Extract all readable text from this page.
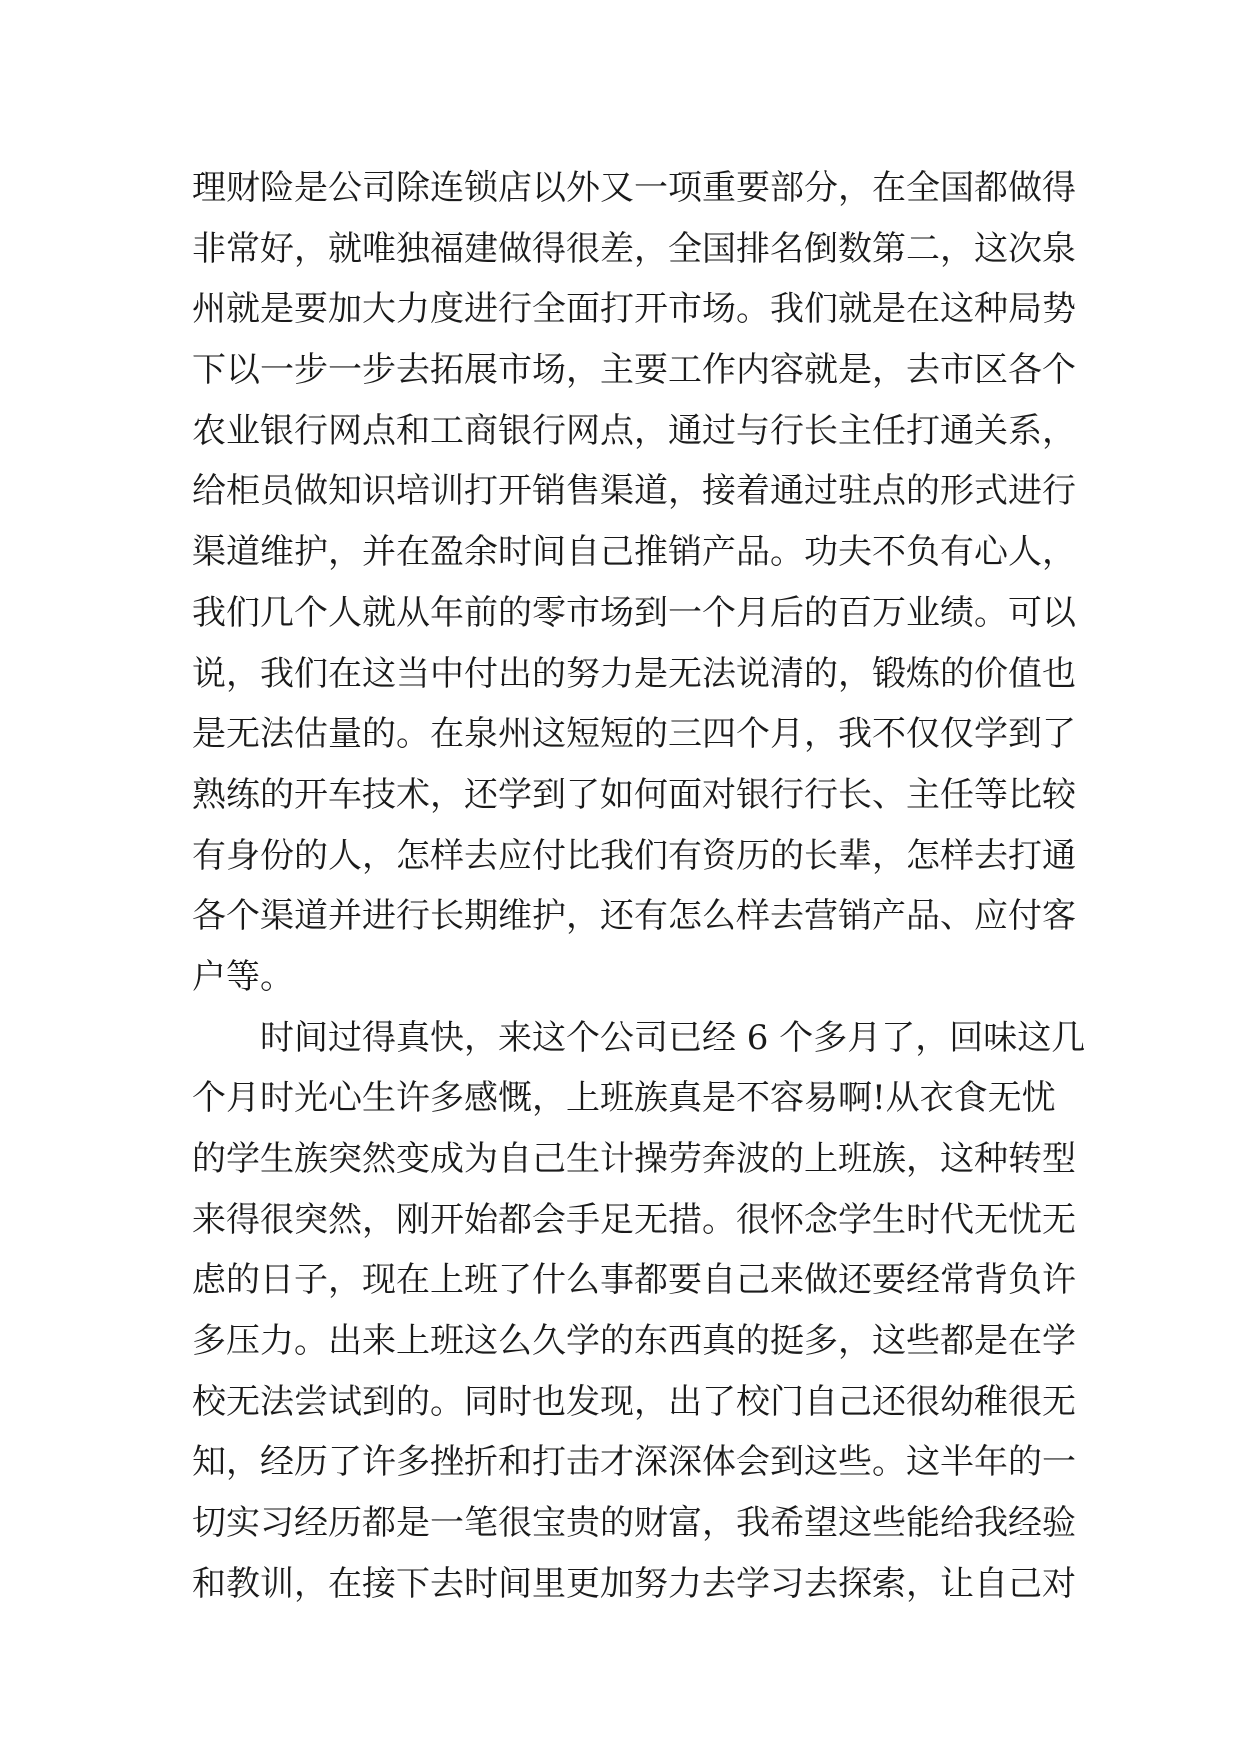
理财险是公司除连锁店以外又一项重要部分，在全国都做得
非常好，就唯独福建做得很差，全国排名倒数第二，这次泉
州就是要加大力度进行全面打开市场。我们就是在这种局势
下以一步一步去拓展市场，主要工作内容就是，去市区各个
农业银行网点和工商银行网点，通过与行长主任打通关系，
给柜员做知识培训打开销售渠道，接着通过驻点的形式进行
渠道维护，并在盈余时间自己推销产品。功夫不负有心人，
我们几个人就从年前的零市场到一个月后的百万业绩。可以
说，我们在这当中付出的努力是无法说清的，锻炼的价值也
是无法估量的。在泉州这短短的三四个月，我不仅仅学到了
熟练的开车技术，还学到了如何面对银行行长、主任等比较
有身份的人，怎样去应付比我们有资历的长辈，怎样去打通
各个渠道并进行长期维护，还有怎么样去营销产品、应付客
户等。
时间过得真快，来这个公司已经 6 个多月了，回味这几
个月时光心生许多感慨，上班族真是不容易啊!从衣食无忧
的学生族突然变成为自己生计操劳奔波的上班族，这种转型
来得很突然，刚开始都会手足无措。很怀念学生时代无忧无
虑的日子，现在上班了什么事都要自己来做还要经常背负许
多压力。出来上班这么久学的东西真的挺多，这些都是在学
校无法尝试到的。同时也发现，出了校门自己还很幼稚很无
知，经历了许多挫折和打击才深深体会到这些。这半年的一
切实习经历都是一笔很宝贵的财富，我希望这些能给我经验
和教训，在接下去时间里更加努力去学习去探索，让自己对
